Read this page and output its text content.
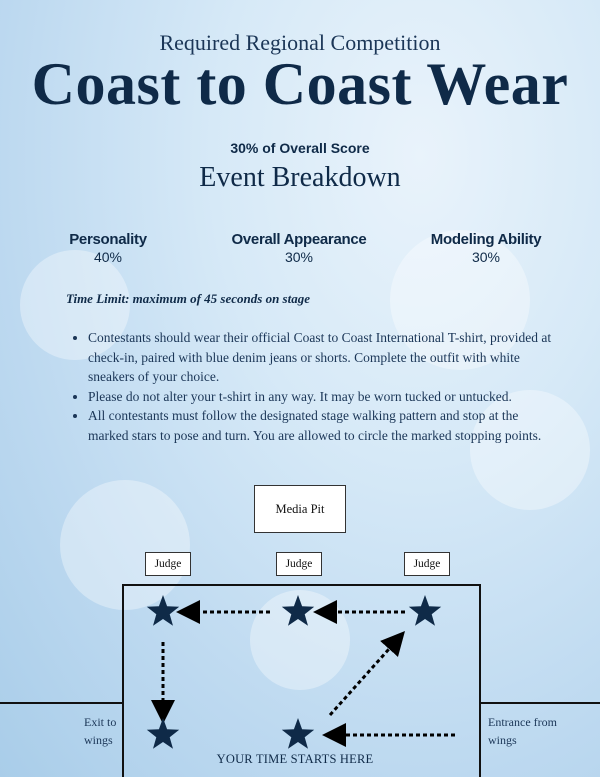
Required Regional Competition
Coast to Coast Wear
30% of Overall Score
Event Breakdown
Personality
40%
Overall Appearance
30%
Modeling Ability
30%
Time Limit: maximum of 45 seconds on stage
• Contestants should wear their official Coast to Coast International T-shirt, provided at check-in, paired with blue denim jeans or shorts. Complete the outfit with white sneakers of your choice.
• Please do not alter your t-shirt in any way. It may be worn tucked or untucked.
• All contestants must follow the designated stage walking pattern and stop at the marked stars to pose and turn. You are allowed to circle the marked stopping points.
Media Pit
Judge	Judge	Judge
Exit to wings
Entrance from wings
YOUR TIME STARTS HERE
